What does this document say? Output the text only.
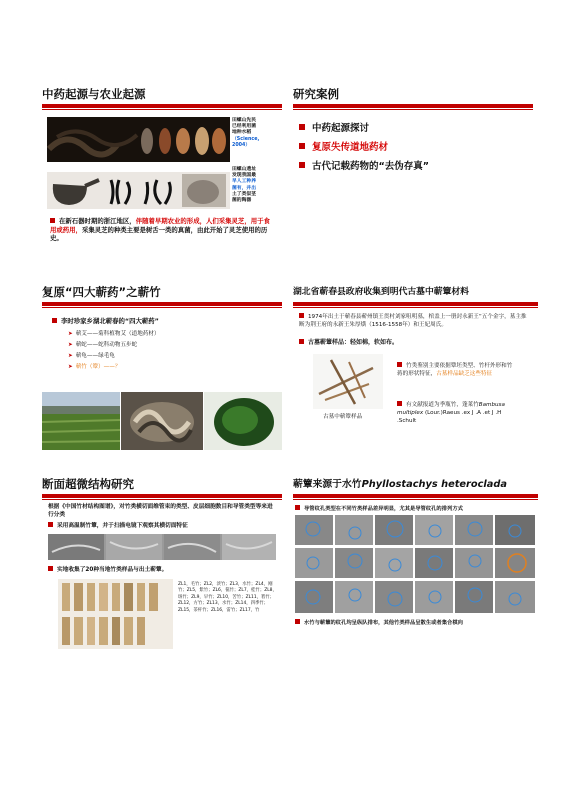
中药起源与农业起源
田螺山先民
已经利用菌
地种水稻
（Science,
2004）
田螺山遗址
发现我国最
早人工种养
菌有，并出
土了类似茎
菌的陶器
在新石器时期的浙江地区，伴随着早期农业的形成，人们采集灵芝，用于食用或药用，采集灵芝的种类主要是树舌一类的真菌，由此开始了灵芝使用的历史。
研究案例
中药起源探讨
复原失传道地药材
古代记载药物的“去伪存真”
复原“四大蕲药”之蕲竹
李时珍家乡湖北蕲春的“四大蕲药”
➤ 蕲艾——菊科植物艾（道地药材）
➤ 蕲蛇——蛇科动物五步蛇
➤ 蕲龟——绿毛龟
➤ 蕲竹（簟）——？
湖北省蕲春县政府收集到明代古墓中蕲簟材料
1974年出土于蕲春县蕲州镇王贯村刘家咀明墓，棺盖上一册封永新王“五个金字，墓主推断为荆王府的永新王朱厚熿（1516-1558年）和王妃周氏。
古墓蕲簟样品：轻如棉，软如布。
古墓中蕲簟样品
竹类鉴别主要依据簟坯类型、竹杆外形和竹蒋的形状特征，古墓样品缺乏这些特征
有文献报道为季瓶竹，蓬莱竹Bambusa multiplex (Lour.)Raeus .ex J .A .et J .H .Schult
断面超微结构研究
根据《中国竹材结构图谱》，对竹类横切面维管束的类型、皮层细胞数目和导管类型等来进行分类
采用高温制竹簟，并于扫描电镜下观察其横切面特征
实地收集了20种当地竹类样品与出土蕲簟。
ZL1，毛竹；ZL2，淡竹；ZL3，水竹；ZL4，刚竹；ZL5，紫竹；ZL6，篌竹；ZL7，桂竹；ZL8，斑竹；ZL9，早竹；ZL10，苦竹；ZL11，箬竹；ZL12，方竹；ZL13，水竹；ZL14，四季竹；ZL15，茶杆竹；ZL16，雷竹；ZL17，竹
蕲簟来源于水竹Phyllostachys heteroclada
导管纹孔类型在不同竹类样品差异明显，尤其是导管纹孔的排列方式
水竹与蕲簟的纹孔均呈纵队排布，其他竹类样品呈散生或者集合棋向
